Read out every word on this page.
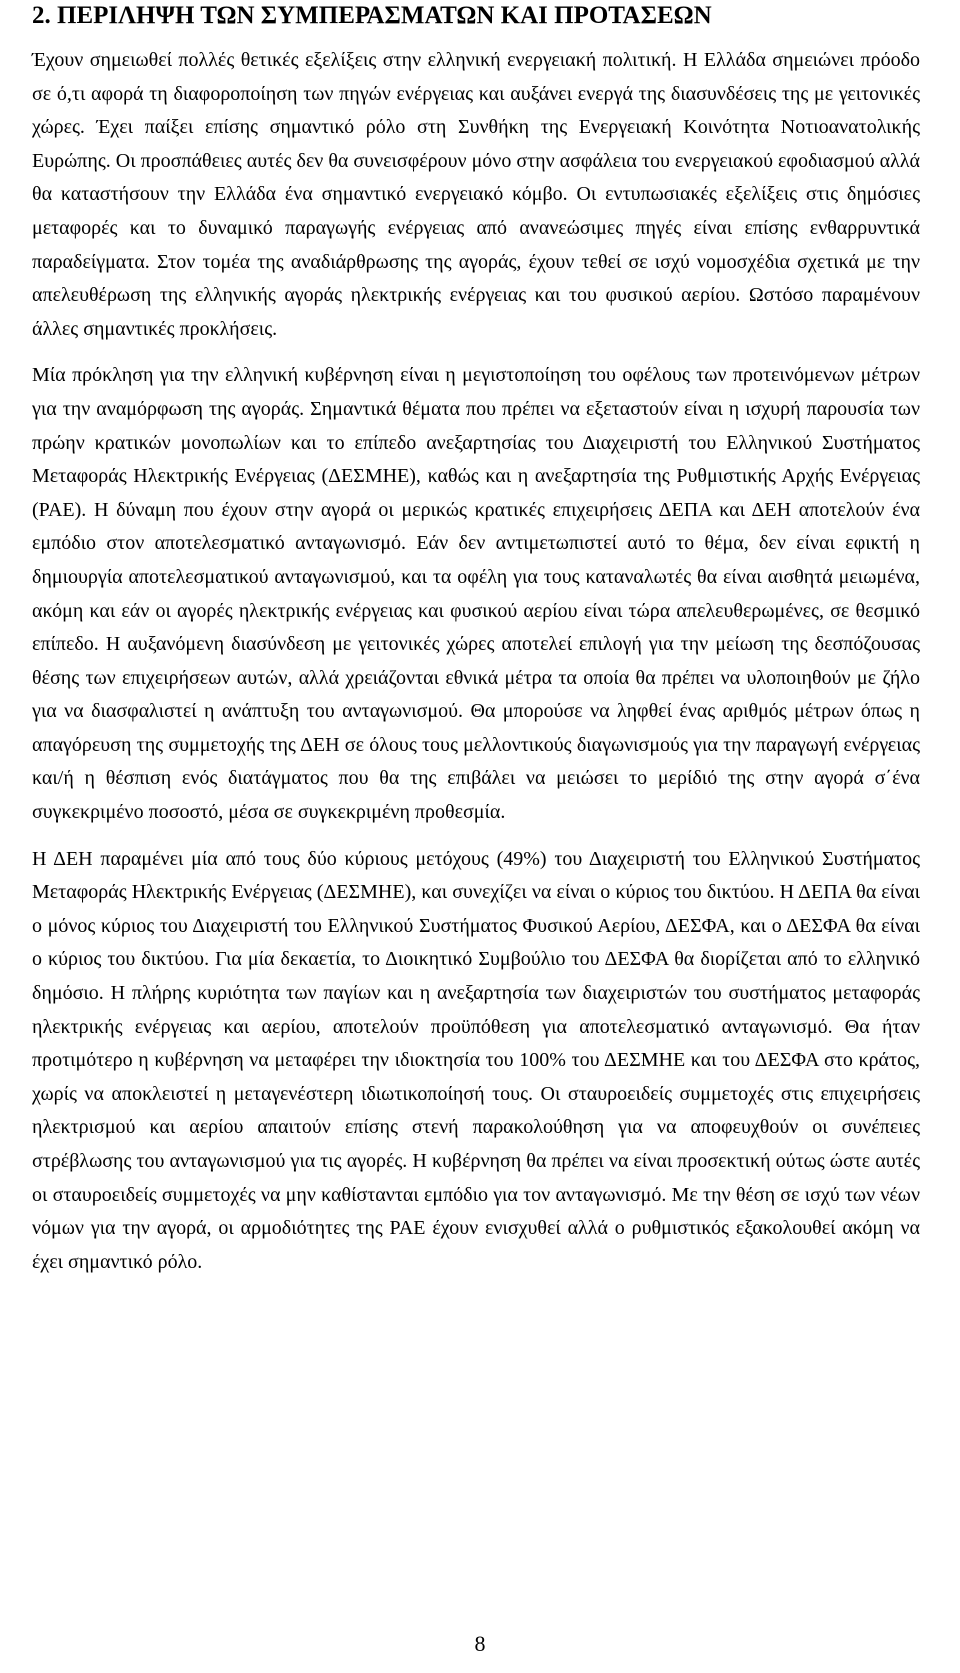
2. ΠΕΡΙΛΗΨΗ ΤΩΝ ΣΥΜΠΕΡΑΣΜΑΤΩΝ ΚΑΙ ΠΡΟΤΑΣΕΩΝ

Έχουν σημειωθεί πολλές θετικές εξελίξεις στην ελληνική ενεργειακή πολιτική. Η Ελλάδα σημειώνει πρόοδο σε ό,τι αφορά τη διαφοροποίηση των πηγών ενέργειας και αυξάνει ενεργά της διασυνδέσεις της με γειτονικές χώρες. Έχει παίξει επίσης σημαντικό ρόλο στη Συνθήκη της Ενεργειακή Κοινότητα Νοτιοανατολικής Ευρώπης. Οι προσπάθειες αυτές δεν θα συνεισφέρουν μόνο στην ασφάλεια του ενεργειακού εφοδιασμού αλλά θα καταστήσουν την Ελλάδα ένα σημαντικό ενεργειακό κόμβο. Οι εντυπωσιακές εξελίξεις στις δημόσιες μεταφορές και το δυναμικό παραγωγής ενέργειας από ανανεώσιμες πηγές είναι επίσης ενθαρρυντικά παραδείγματα. Στον τομέα της αναδιάρθρωσης της αγοράς, έχουν τεθεί σε ισχύ νομοσχέδια σχετικά με την απελευθέρωση της ελληνικής αγοράς ηλεκτρικής ενέργειας και του φυσικού αερίου. Ωστόσο παραμένουν άλλες σημαντικές προκλήσεις.

Μία πρόκληση για την ελληνική κυβέρνηση είναι η μεγιστοποίηση του οφέλους των προτεινόμενων μέτρων για την αναμόρφωση της αγοράς. Σημαντικά θέματα που πρέπει να εξεταστούν είναι η ισχυρή παρουσία των πρώην κρατικών μονοπωλίων και το επίπεδο ανεξαρτησίας του Διαχειριστή του Ελληνικού Συστήματος Μεταφοράς Ηλεκτρικής Ενέργειας (ΔΕΣΜΗΕ), καθώς και η ανεξαρτησία της Ρυθμιστικής Αρχής Ενέργειας (ΡΑΕ). Η δύναμη που έχουν στην αγορά οι μερικώς κρατικές επιχειρήσεις ΔΕΠΑ και ΔΕΗ αποτελούν ένα εμπόδιο στον αποτελεσματικό ανταγωνισμό. Εάν δεν αντιμετωπιστεί αυτό το θέμα, δεν είναι εφικτή η δημιουργία αποτελεσματικού ανταγωνισμού, και τα οφέλη για τους καταναλωτές θα είναι αισθητά μειωμένα, ακόμη και εάν οι αγορές ηλεκτρικής ενέργειας και φυσικού αερίου είναι τώρα απελευθερωμένες, σε θεσμικό επίπεδο. Η αυξανόμενη διασύνδεση με γειτονικές χώρες αποτελεί επιλογή για την μείωση της δεσπόζουσας θέσης των επιχειρήσεων αυτών, αλλά χρειάζονται εθνικά μέτρα τα οποία θα πρέπει να υλοποιηθούν με ζήλο για να διασφαλιστεί η ανάπτυξη του ανταγωνισμού. Θα μπορούσε να ληφθεί ένας αριθμός μέτρων όπως η απαγόρευση της συμμετοχής της ΔΕΗ σε όλους τους μελλοντικούς διαγωνισμούς για την παραγωγή ενέργειας και/ή η θέσπιση ενός διατάγματος που θα της επιβάλει να μειώσει το μερίδιό της στην αγορά σ΄ένα συγκεκριμένο ποσοστό, μέσα σε συγκεκριμένη προθεσμία.

Η ΔΕΗ παραμένει μία από τους δύο κύριους μετόχους (49%) του Διαχειριστή του Ελληνικού Συστήματος Μεταφοράς Ηλεκτρικής Ενέργειας (ΔΕΣΜΗΕ), και συνεχίζει να είναι ο κύριος του δικτύου. Η ΔΕΠΑ θα είναι ο μόνος κύριος του Διαχειριστή του Ελληνικού Συστήματος Φυσικού Αερίου, ΔΕΣΦΑ, και ο ΔΕΣΦΑ θα είναι ο κύριος του δικτύου. Για μία δεκαετία, το Διοικητικό Συμβούλιο του ΔΕΣΦΑ θα διορίζεται από το ελληνικό δημόσιο. Η πλήρης κυριότητα των παγίων και η ανεξαρτησία των διαχειριστών του συστήματος μεταφοράς ηλεκτρικής ενέργειας και αερίου, αποτελούν προϋπόθεση για αποτελεσματικό ανταγωνισμό. Θα ήταν προτιμότερο η κυβέρνηση να μεταφέρει την ιδιοκτησία του 100% του ΔΕΣΜΗΕ και του ΔΕΣΦΑ στο κράτος, χωρίς να αποκλειστεί η μεταγενέστερη ιδιωτικοποίησή τους. Οι σταυροειδείς συμμετοχές στις επιχειρήσεις ηλεκτρισμού και αερίου απαιτούν επίσης στενή παρακολούθηση για να αποφευχθούν οι συνέπειες στρέβλωσης του ανταγωνισμού για τις αγορές. Η κυβέρνηση θα πρέπει να είναι προσεκτική ούτως ώστε αυτές οι σταυροειδείς συμμετοχές να μην καθίστανται εμπόδιο για τον ανταγωνισμό. Με την θέση σε ισχύ των νέων νόμων για την αγορά, οι αρμοδιότητες της ΡΑΕ έχουν ενισχυθεί αλλά ο ρυθμιστικός εξακολουθεί ακόμη να έχει σημαντικό ρόλο.

8
